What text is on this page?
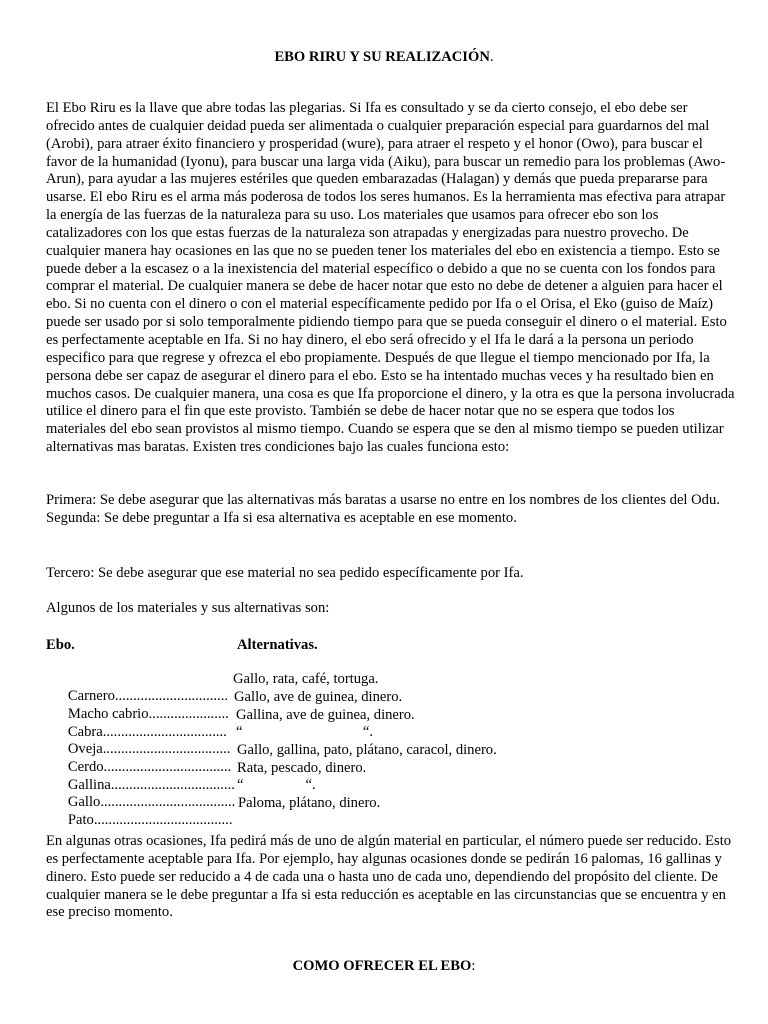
EBO RIRU Y SU REALIZACIÓN.

El Ebo Riru es la llave que abre todas las plegarias. Si Ifa es consultado y se da cierto consejo, el ebo debe ser ofrecido antes de cualquier deidad pueda ser alimentada o cualquier preparación especial para guardarnos del mal (Arobi), para atraer éxito financiero y prosperidad (wure), para atraer el respeto y el honor (Owo), para buscar el favor de la humanidad (Iyonu), para buscar una larga vida (Aiku), para buscar un remedio para los problemas (Awo-Arun), para ayudar a las mujeres estériles que queden embarazadas (Halagan) y demás que pueda prepararse para usarse. El ebo Riru es el arma más poderosa de todos los seres humanos. Es la herramienta mas efectiva para atrapar la energía de las fuerzas de la naturaleza para su uso. Los materiales que usamos para ofrecer ebo son los catalizadores con los que estas fuerzas de la naturaleza son atrapadas y energizadas para nuestro provecho. De cualquier manera hay ocasiones en las que no se pueden tener los materiales del ebo en existencia a tiempo. Esto se puede deber a la escasez o a la inexistencia del material específico o debido a que no se cuenta con los fondos para comprar el material. De cualquier manera se debe de hacer notar que esto no debe de detener a alguien para hacer el ebo. Si no cuenta con el dinero o con el material específicamente pedido por Ifa o el Orisa, el Eko (guiso de Maíz) puede ser usado por si solo temporalmente pidiendo tiempo para que se pueda conseguir el dinero o el material. Esto es perfectamente aceptable en Ifa. Si no hay dinero, el ebo será ofrecido y el Ifa le dará a la persona un periodo especifico para que regrese y ofrezca el ebo propiamente. Después de que llegue el tiempo mencionado por Ifa, la persona debe ser capaz de asegurar el dinero para el ebo. Esto se ha intentado muchas veces y ha resultado bien en muchos casos. De cualquier manera, una cosa es que Ifa proporcione el dinero, y la otra es que la persona involucrada utilice el dinero para el fin que este provisto. También se debe de hacer notar que no se espera que todos los materiales del ebo sean provistos al mismo tiempo. Cuando se espera que se den al mismo tiempo se pueden utilizar alternativas mas baratas. Existen tres condiciones bajo las cuales funciona esto:

Primera: Se debe asegurar que las alternativas más baratas a usarse no entre en los nombres de los clientes del Odu.
Segunda: Se debe preguntar a Ifa si esa alternativa es aceptable en ese momento.

Tercero: Se debe asegurar que ese material no sea pedido específicamente por Ifa.

Algunos de los materiales y sus alternativas son:

Ebo.	Alternativas.

Carnero...............................

Gallo, rata, café, tortuga.

Macho cabrio......................

Gallo, ave de guinea, dinero.

Cabra..................................

Gallina, ave de guinea, dinero.

Oveja...................................

“                                 “.

Cerdo...................................

Gallo, gallina, pato, plátano, caracol, dinero.

Gallina..................................

Rata, pescado, dinero.

Gallo.....................................

“                 “.

Pato......................................

Paloma, plátano, dinero.

En algunas otras ocasiones, Ifa pedirá más de uno de algún material en particular, el número puede ser reducido. Esto es perfectamente aceptable para Ifa. Por ejemplo, hay algunas ocasiones donde se pedirán 16 palomas, 16 gallinas y dinero. Esto puede ser reducido a 4 de cada una o hasta uno de cada uno, dependiendo del propósito del cliente. De cualquier manera se le debe preguntar a Ifa si esta reducción es aceptable en las circunstancias que se encuentra y en ese preciso momento.

COMO OFRECER EL EBO:
